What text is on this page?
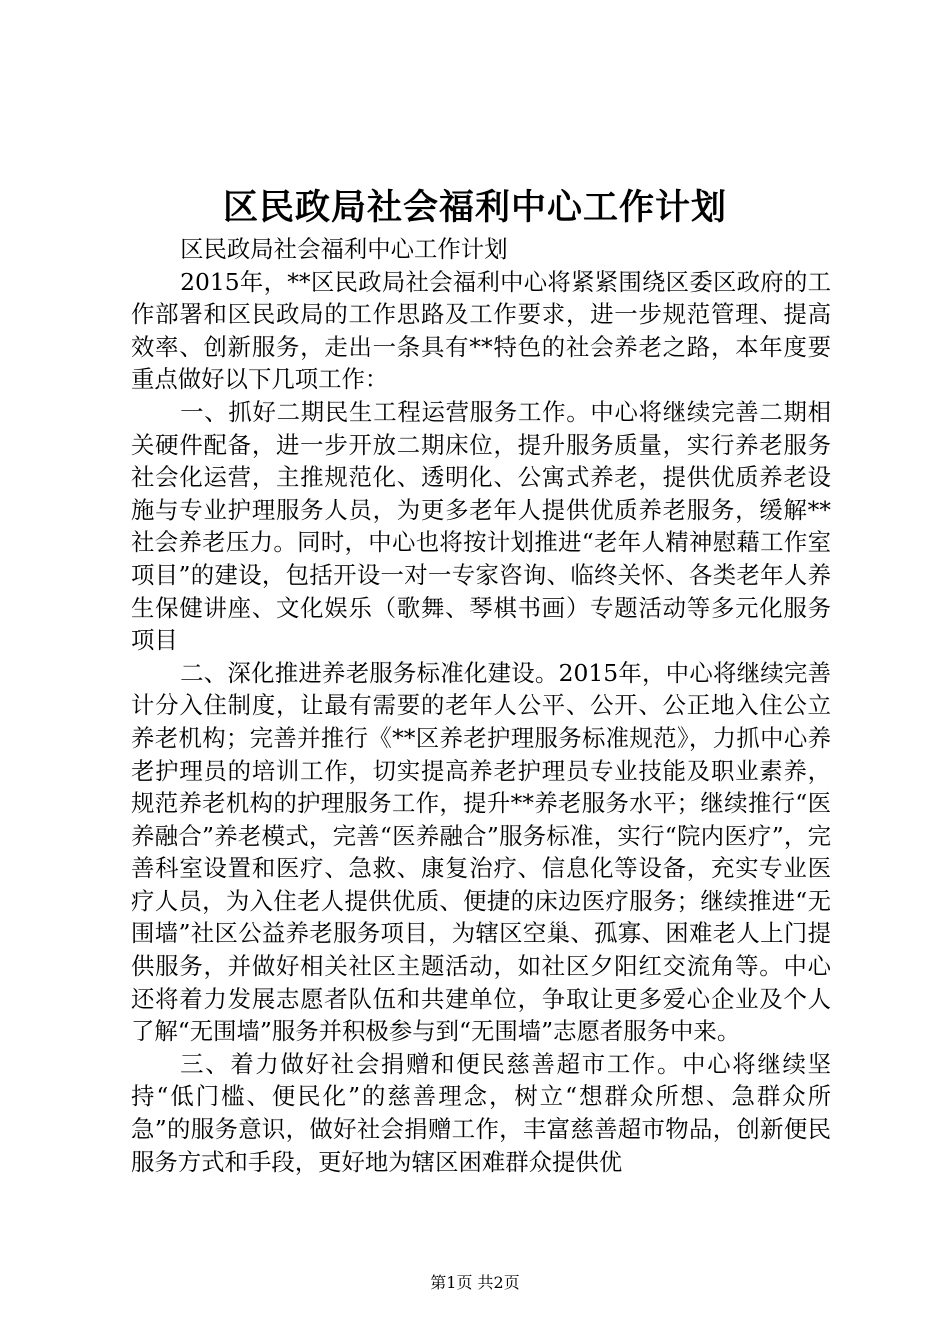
区民政局社会福利中心工作计划

区民政局社会福利中心工作计划

2015年，**区民政局社会福利中心将紧紧围绕区委区政府的工作部署和区民政局的工作思路及工作要求，进一步规范管理、提高效率、创新服务，走出一条具有**特色的社会养老之路，本年度要重点做好以下几项工作：

一、抓好二期民生工程运营服务工作。中心将继续完善二期相关硬件配备，进一步开放二期床位，提升服务质量，实行养老服务社会化运营，主推规范化、透明化、公寓式养老，提供优质养老设施与专业护理服务人员，为更多老年人提供优质养老服务，缓解**社会养老压力。同时，中心也将按计划推进“老年人精神慰藉工作室项目”的建设，包括开设一对一专家咨询、临终关怀、各类老年人养生保健讲座、文化娱乐（歌舞、琴棋书画）专题活动等多元化服务项目

二、深化推进养老服务标准化建设。2015年，中心将继续完善计分入住制度，让最有需要的老年人公平、公开、公正地入住公立养老机构；完善并推行《**区养老护理服务标准规范》，力抓中心养老护理员的培训工作，切实提高养老护理员专业技能及职业素养，规范养老机构的护理服务工作，提升**养老服务水平；继续推行“医养融合”养老模式，完善“医养融合”服务标准，实行“院内医疗”，完善科室设置和医疗、急救、康复治疗、信息化等设备，充实专业医疗人员，为入住老人提供优质、便捷的床边医疗服务；继续推进“无围墙”社区公益养老服务项目，为辖区空巢、孤寡、困难老人上门提供服务，并做好相关社区主题活动，如社区夕阳红交流角等。中心还将着力发展志愿者队伍和共建单位，争取让更多爱心企业及个人了解“无围墙”服务并积极参与到“无围墙”志愿者服务中来。

三、着力做好社会捐赠和便民慈善超市工作。中心将继续坚持“低门槛、便民化”的慈善理念，树立“想群众所想、急群众所急”的服务意识，做好社会捐赠工作，丰富慈善超市物品，创新便民服务方式和手段，更好地为辖区困难群众提供优

第1页 共2页
